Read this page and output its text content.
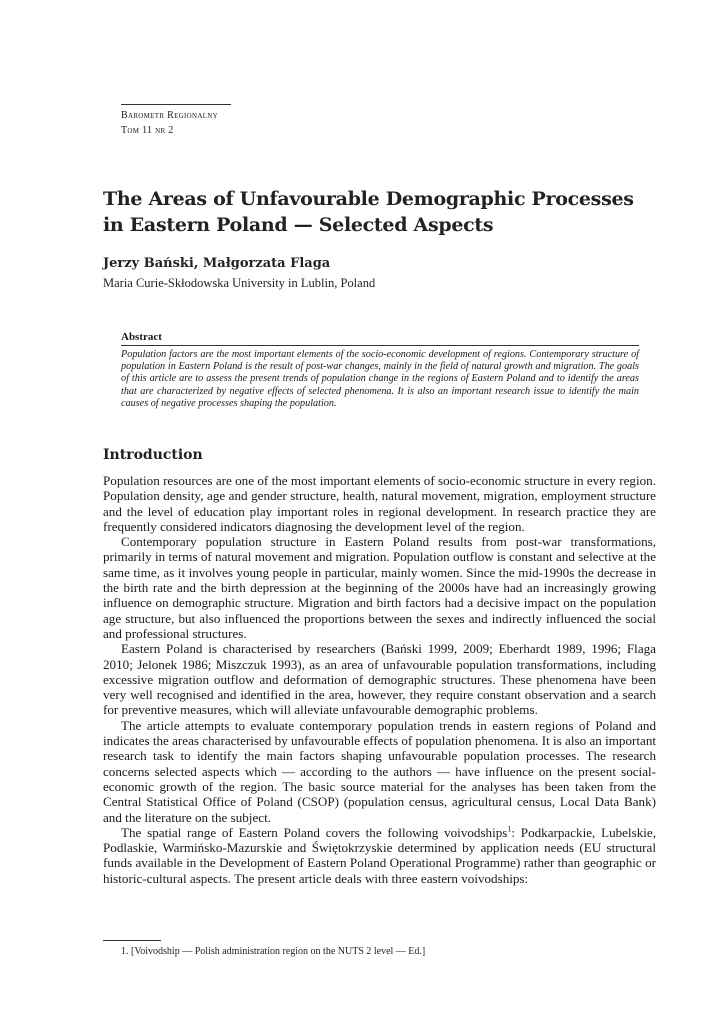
Barometr Regionalny
Tom 11 nr 2
The Areas of Unfavourable Demographic Processes
in Eastern Poland — Selected Aspects

Jerzy Bański, Małgorzata Flaga

Maria Curie-Skłodowska University in Lublin, Poland

Abstract
Population factors are the most important elements of the socio-economic development of regions. Contemporary structure of population in Eastern Poland is the result of post-war changes, mainly in the field of natural growth and migration. The goals of this article are to assess the present trends of population change in the regions of Eastern Poland and to identify the areas that are characterized by negative effects of selected phenomena. It is also an important research issue to identify the main causes of negative processes shaping the population.
Introduction

Population resources are one of the most important elements of socio-economic structure in every region. Population density, age and gender structure, health, natural movement, migration, employment structure and the level of education play important roles in regional development. In research practice they are frequently considered indicators diagnosing the development level of the region.

Contemporary population structure in Eastern Poland results from post-war transformations, primarily in terms of natural movement and migration. Population outflow is constant and selective at the same time, as it involves young people in particular, mainly women. Since the mid-1990s the decrease in the birth rate and the birth depression at the beginning of the 2000s have had an increasingly growing influence on demographic structure. Migration and birth factors had a decisive impact on the population age structure, but also influenced the proportions between the sexes and indirectly influenced the social and professional structures.

Eastern Poland is characterised by researchers (Bański 1999, 2009; Eberhardt 1989, 1996; Flaga 2010; Jelonek 1986; Miszczuk 1993), as an area of unfavourable population transformations, including excessive migration outflow and deformation of demographic structures. These phenomena have been very well recognised and identified in the area, however, they require constant observation and a search for preventive measures, which will alleviate unfavourable demographic problems.

The article attempts to evaluate contemporary population trends in eastern regions of Poland and indicates the areas characterised by unfavourable effects of population phenomena. It is also an important research task to identify the main factors shaping unfavourable population processes. The research concerns selected aspects which — according to the authors — have influence on the present social-economic growth of the region. The basic source material for the analyses has been taken from the Central Statistical Office of Poland (CSOP) (population census, agricultural census, Local Data Bank) and the literature on the subject.

The spatial range of Eastern Poland covers the following voivodships$^1$: Podkarpackie, Lubelskie, Podlaskie, Warmińsko-Mazurskie and Świętokrzyskie determined by application needs (EU structural funds available in the Development of Eastern Poland Operational Programme) rather than geographic or historic-cultural aspects. The present article deals with three eastern voivodships:

1. [Voivodship — Polish administration region on the NUTS 2 level — Ed.]
